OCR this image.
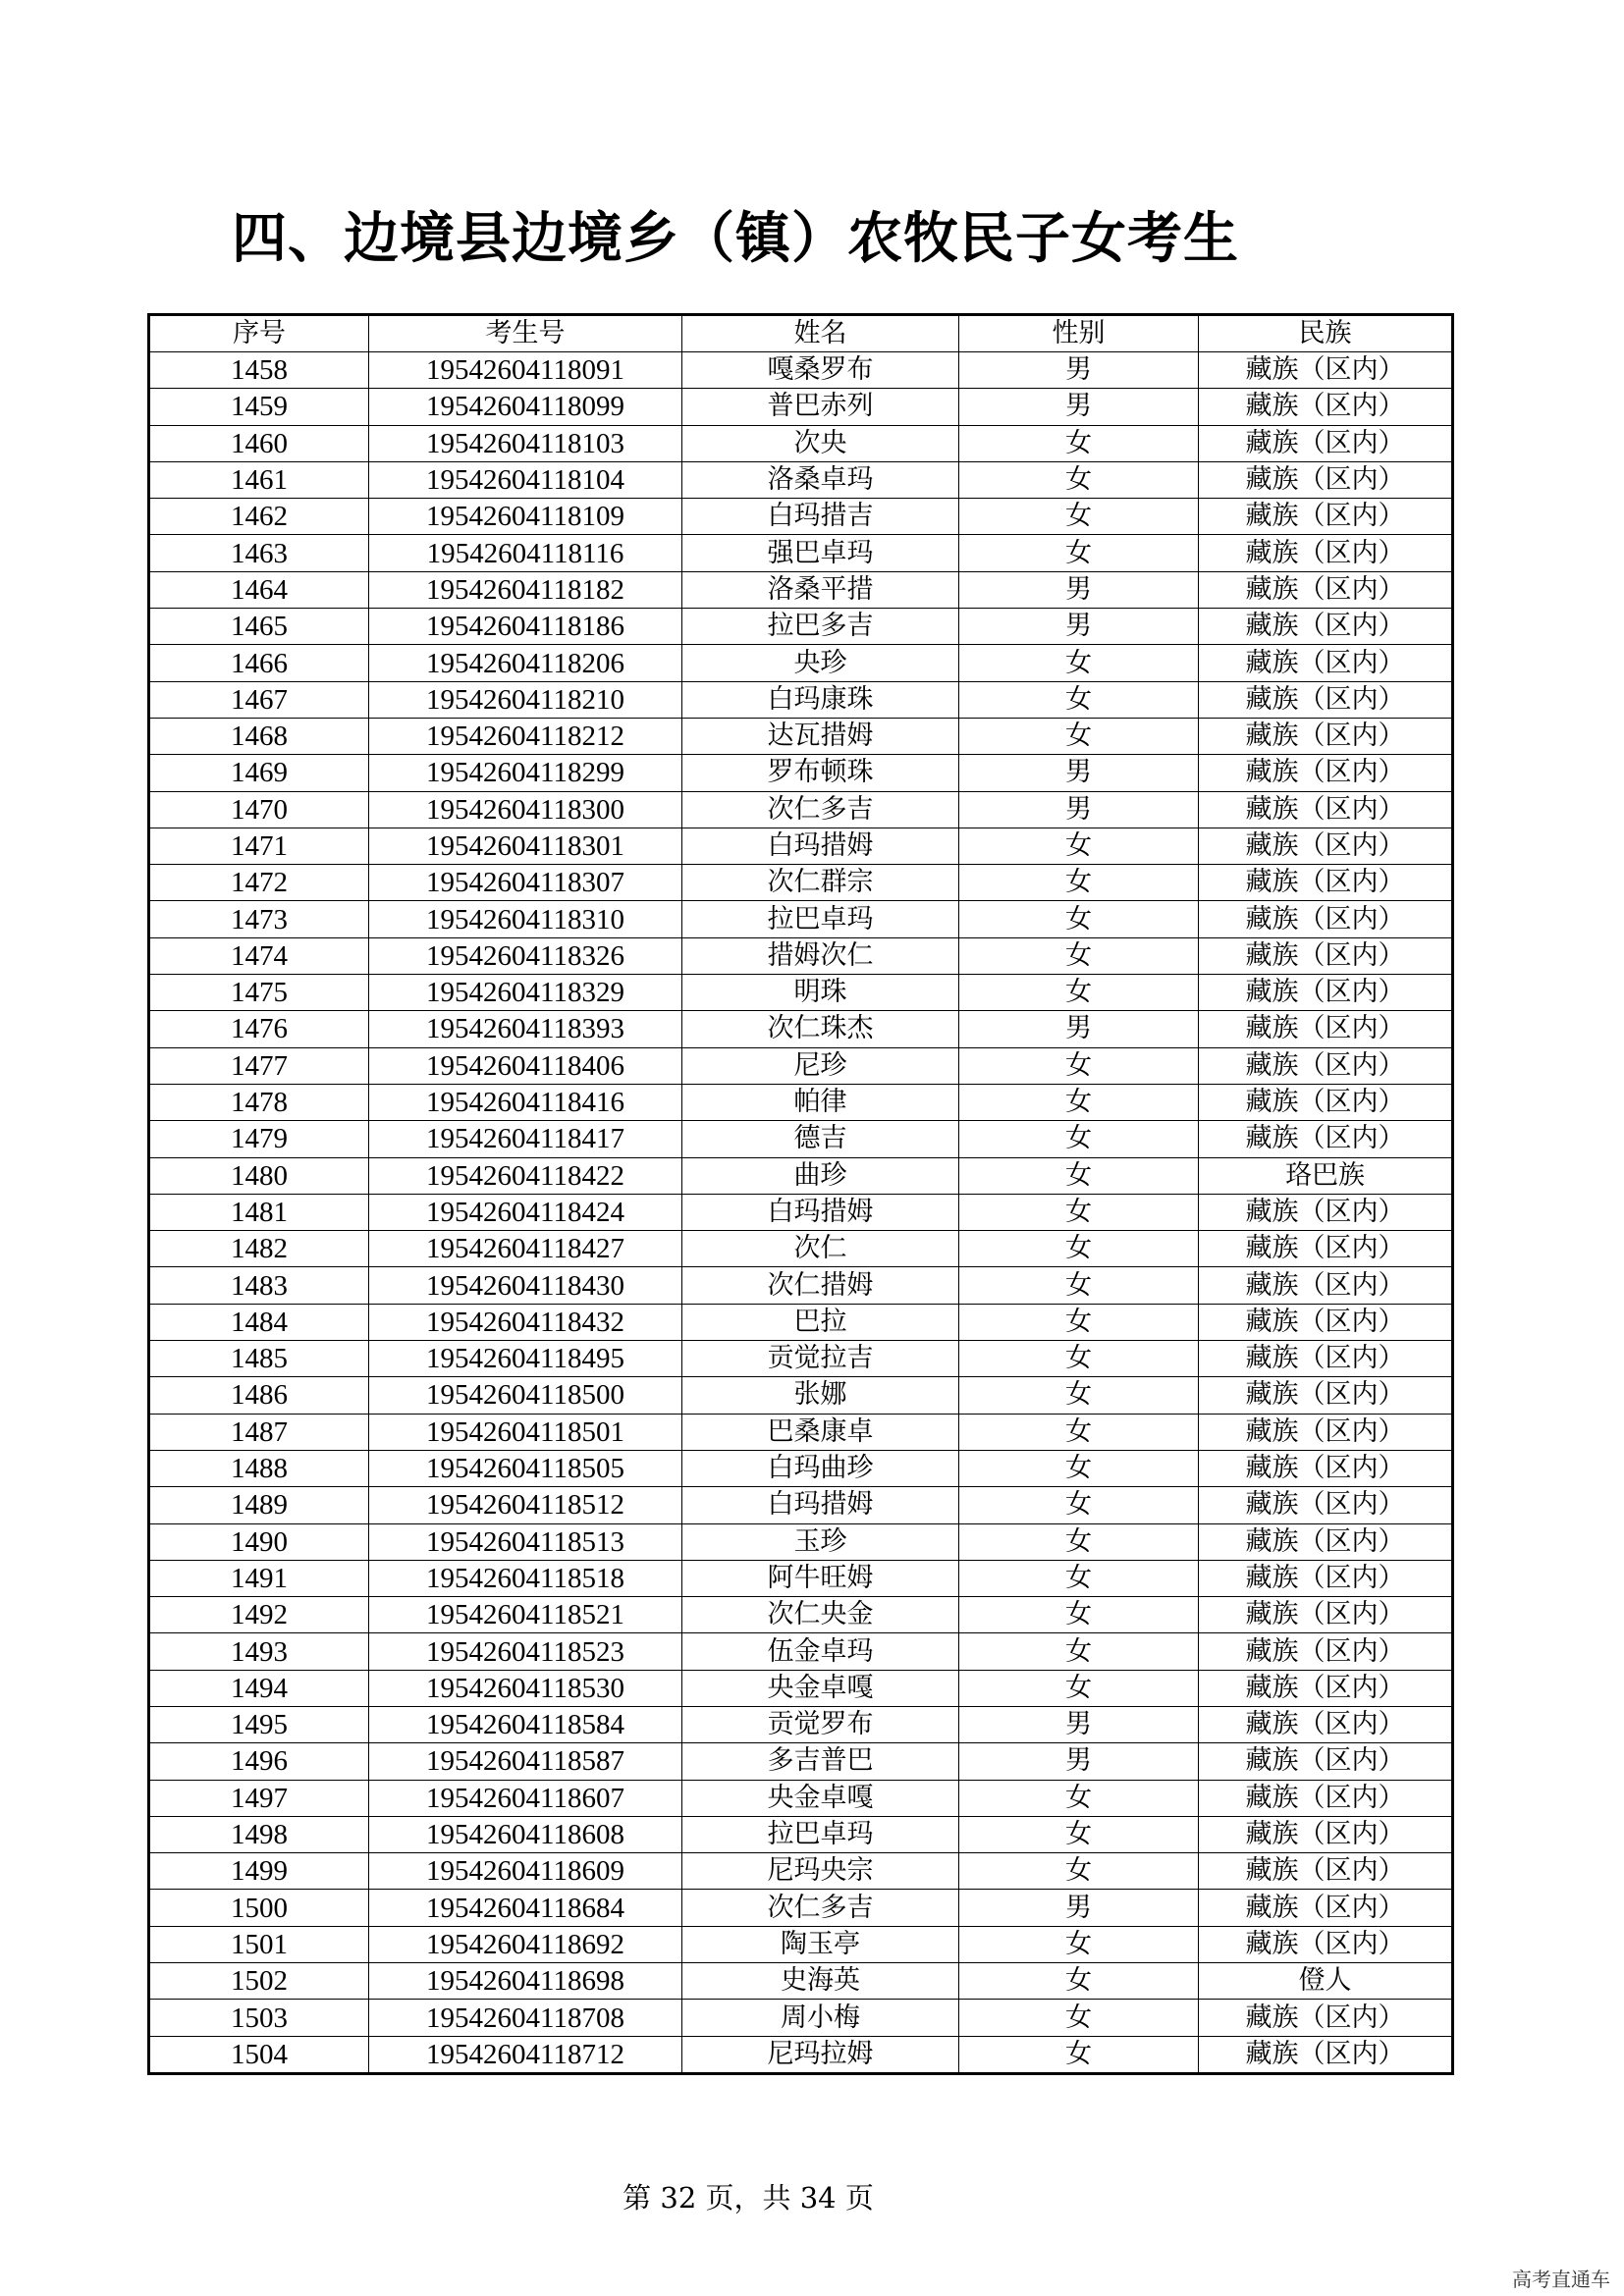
四、边境县边境乡（镇）农牧民子女考生
序号	考生号	姓名	性别	民族
1458	19542604118091	嘎桑罗布	男	藏族（区内）
1459	19542604118099	普巴赤列	男	藏族（区内）
1460	19542604118103	次央	女	藏族（区内）
1461	19542604118104	洛桑卓玛	女	藏族（区内）
1462	19542604118109	白玛措吉	女	藏族（区内）
1463	19542604118116	强巴卓玛	女	藏族（区内）
1464	19542604118182	洛桑平措	男	藏族（区内）
1465	19542604118186	拉巴多吉	男	藏族（区内）
1466	19542604118206	央珍	女	藏族（区内）
1467	19542604118210	白玛康珠	女	藏族（区内）
1468	19542604118212	达瓦措姆	女	藏族（区内）
1469	19542604118299	罗布顿珠	男	藏族（区内）
1470	19542604118300	次仁多吉	男	藏族（区内）
1471	19542604118301	白玛措姆	女	藏族（区内）
1472	19542604118307	次仁群宗	女	藏族（区内）
1473	19542604118310	拉巴卓玛	女	藏族（区内）
1474	19542604118326	措姆次仁	女	藏族（区内）
1475	19542604118329	明珠	女	藏族（区内）
1476	19542604118393	次仁珠杰	男	藏族（区内）
1477	19542604118406	尼珍	女	藏族（区内）
1478	19542604118416	帕律	女	藏族（区内）
1479	19542604118417	德吉	女	藏族（区内）
1480	19542604118422	曲珍	女	珞巴族
1481	19542604118424	白玛措姆	女	藏族（区内）
1482	19542604118427	次仁	女	藏族（区内）
1483	19542604118430	次仁措姆	女	藏族（区内）
1484	19542604118432	巴拉	女	藏族（区内）
1485	19542604118495	贡觉拉吉	女	藏族（区内）
1486	19542604118500	张娜	女	藏族（区内）
1487	19542604118501	巴桑康卓	女	藏族（区内）
1488	19542604118505	白玛曲珍	女	藏族（区内）
1489	19542604118512	白玛措姆	女	藏族（区内）
1490	19542604118513	玉珍	女	藏族（区内）
1491	19542604118518	阿牛旺姆	女	藏族（区内）
1492	19542604118521	次仁央金	女	藏族（区内）
1493	19542604118523	伍金卓玛	女	藏族（区内）
1494	19542604118530	央金卓嘎	女	藏族（区内）
1495	19542604118584	贡觉罗布	男	藏族（区内）
1496	19542604118587	多吉普巴	男	藏族（区内）
1497	19542604118607	央金卓嘎	女	藏族（区内）
1498	19542604118608	拉巴卓玛	女	藏族（区内）
1499	19542604118609	尼玛央宗	女	藏族（区内）
1500	19542604118684	次仁多吉	男	藏族（区内）
1501	19542604118692	陶玉亭	女	藏族（区内）
1502	19542604118698	史海英	女	僜人
1503	19542604118708	周小梅	女	藏族（区内）
1504	19542604118712	尼玛拉姆	女	藏族（区内）
第 32 页，共 34 页
高考直通车
